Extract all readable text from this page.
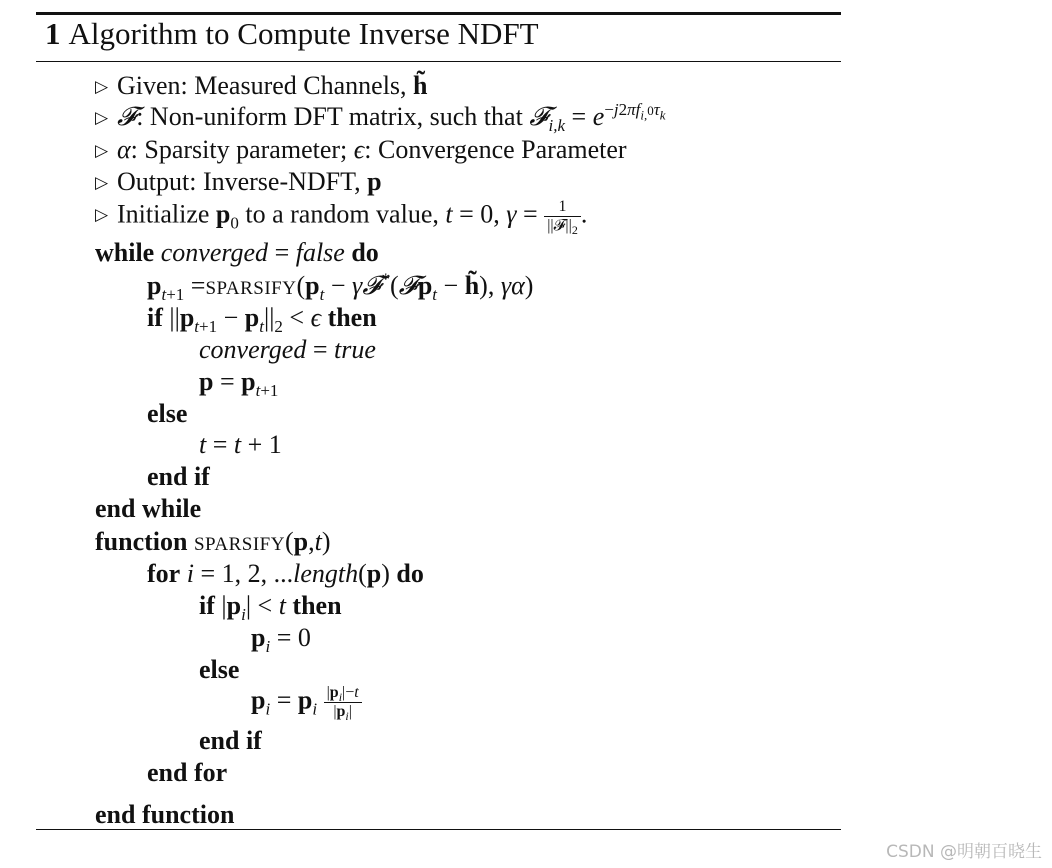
1 Algorithm to Compute Inverse NDFT
▷ Given: Measured Channels, h̃
▷ 𝓕: Non-uniform DFT matrix, such that 𝓕$_{i,k}$ = $e^{-j2\pi f_{i,}0\tau_k}$
▷ α: Sparsity parameter; ϵ: Convergence Parameter
▷ Output: Inverse-NDFT, p
▷ Initialize $p_0$ to a random value, t = 0, $\gamma = \frac{1}{||𝓕||_2}$ .
while converged = false do
$p_{t+1}$ $=SPARSIFY(p_t$ − γ𝓕*(𝓕p$_t$ − h̃), γα)
if $||p_{t+1} - p_t||_2 < \epsilon$ then
converged = true
$p = p_{t+1}$
else
t = t + 1
end if
end while
function SPARSIFY(p,t)
for i = 1, 2, ...length(p) do
if $|p_i| < t$ then
$p_i = 0$
else
$p_i = p_i \frac{|p_i|-t}{|p_i|}$
end if
end for
end function
CSDN @明朝百晓生
